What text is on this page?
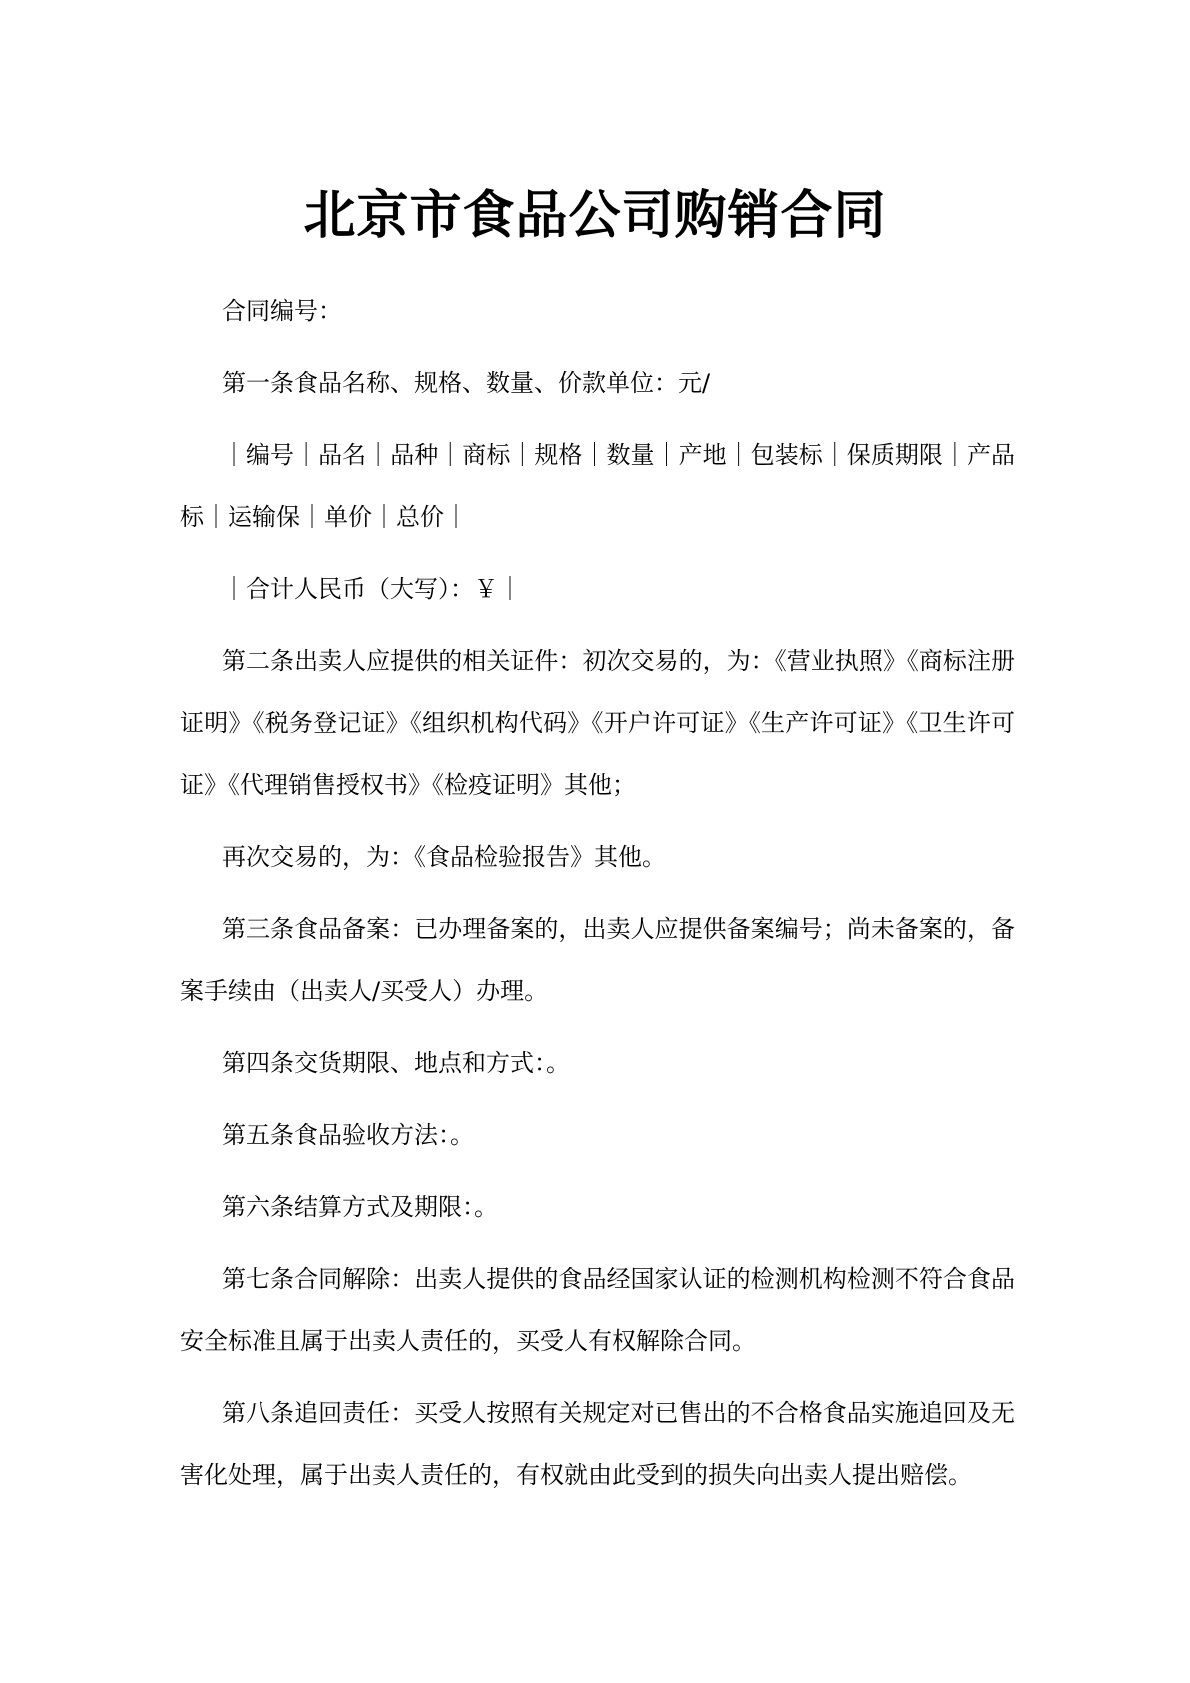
北京市食品公司购销合同

合同编号：

第一条食品名称、规格、数量、价款单位：元/

｜编号｜品名｜品种｜商标｜规格｜数量｜产地｜包装标｜保质期限｜产品标｜运输保｜单价｜总价｜

｜合计人民币（大写）：￥｜

第二条出卖人应提供的相关证件：初次交易的，为：《营业执照》《商标注册证明》《税务登记证》《组织机构代码》《开户许可证》《生产许可证》《卫生许可证》《代理销售授权书》《检疫证明》其他；

再次交易的，为：《食品检验报告》其他。

第三条食品备案：已办理备案的，出卖人应提供备案编号；尚未备案的，备案手续由（出卖人/买受人）办理。

第四条交货期限、地点和方式：。

第五条食品验收方法：。

第六条结算方式及期限：。

第七条合同解除：出卖人提供的食品经国家认证的检测机构检测不符合食品安全标准且属于出卖人责任的，买受人有权解除合同。

第八条追回责任：买受人按照有关规定对已售出的不合格食品实施追回及无害化处理，属于出卖人责任的，有权就由此受到的损失向出卖人提出赔偿。
